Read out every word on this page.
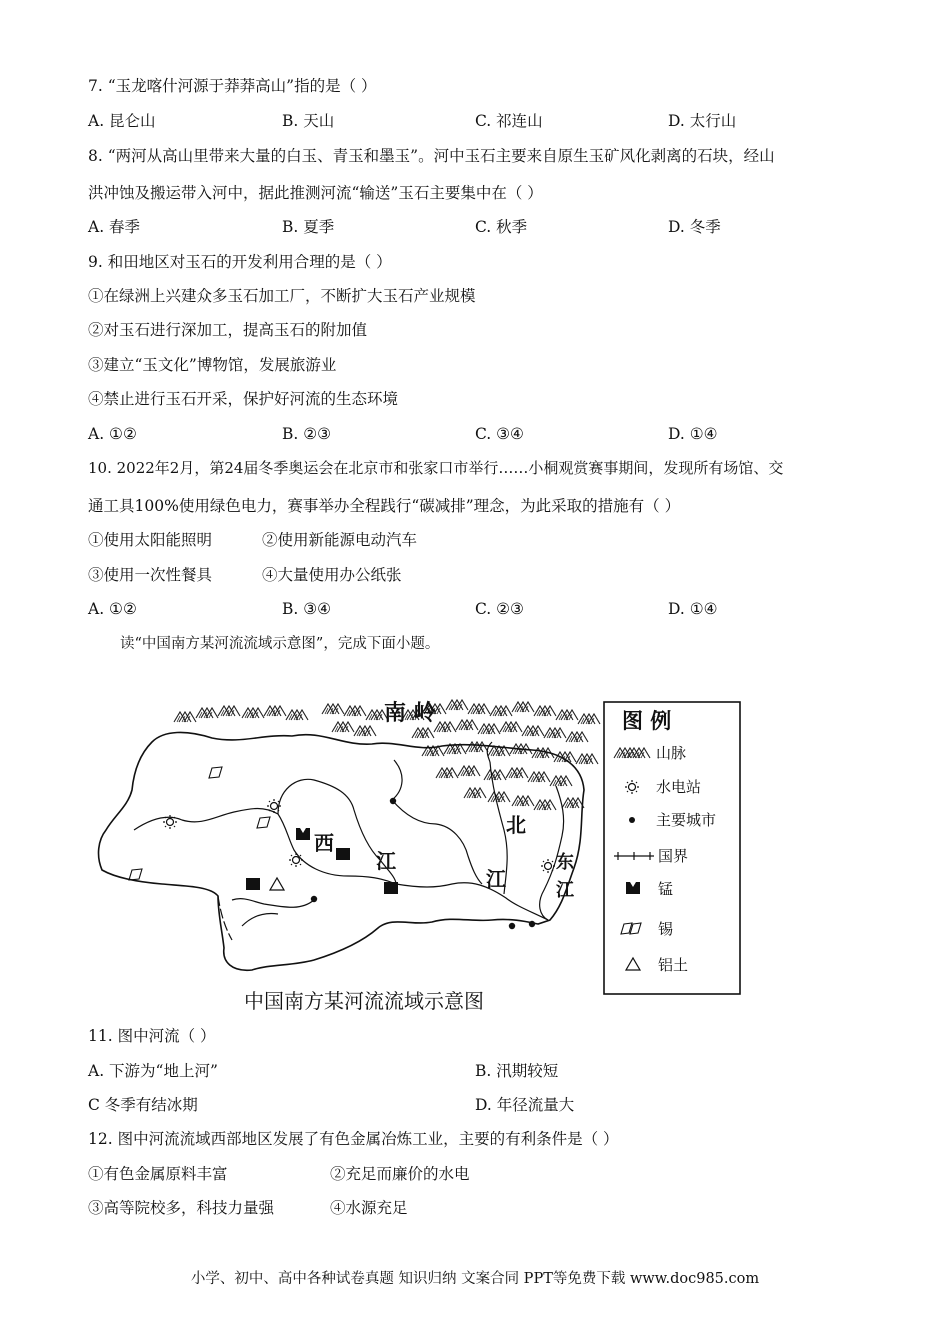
7. “玉龙喀什河源于莽莽高山”指的是（ ）
A. 昆仑山	B. 天山	C. 祁连山	D. 太行山
8. “两河从高山里带来大量的白玉、青玉和墨玉”。河中玉石主要来自原生玉矿风化剥离的石块，经山
洪冲蚀及搬运带入河中，据此推测河流“输送”玉石主要集中在（ ）
A. 春季	B. 夏季	C. 秋季	D. 冬季
9. 和田地区对玉石的开发利用合理的是（ ）
①在绿洲上兴建众多玉石加工厂，不断扩大玉石产业规模
②对玉石进行深加工，提高玉石的附加值
③建立“玉文化”博物馆，发展旅游业
④禁止进行玉石开采，保护好河流的生态环境
A. ①②	B. ②③	C. ③④	D. ①④
10. 2022年2月，第24届冬季奥运会在北京市和张家口市举行……小桐观赏赛事期间，发现所有场馆、交
通工具100%使用绿色电力，赛事举办全程践行“碳减排”理念，为此采取的措施有（ ）
①使用太阳能照明	②使用新能源电动汽车
③使用一次性餐具	④大量使用办公纸张
A. ①②	B. ③④	C. ②③	D. ①④
读“中国南方某河流流域示意图”，完成下面小题。
南 岭
西
江
北
江
东
江
中国南方某河流流域示意图
图 例
山脉
水电站
主要城市
国界
锰
锡
铝土
11. 图中河流（ ）
A. 下游为“地上河”	B. 汛期较短
C 冬季有结冰期	D. 年径流量大
12. 图中河流流域西部地区发展了有色金属冶炼工业，主要的有利条件是（ ）
①有色金属原料丰富	②充足而廉价的水电
③高等院校多，科技力量强	④水源充足
小学、初中、高中各种试卷真题 知识归纳 文案合同 PPT等免费下载 www.doc985.com
